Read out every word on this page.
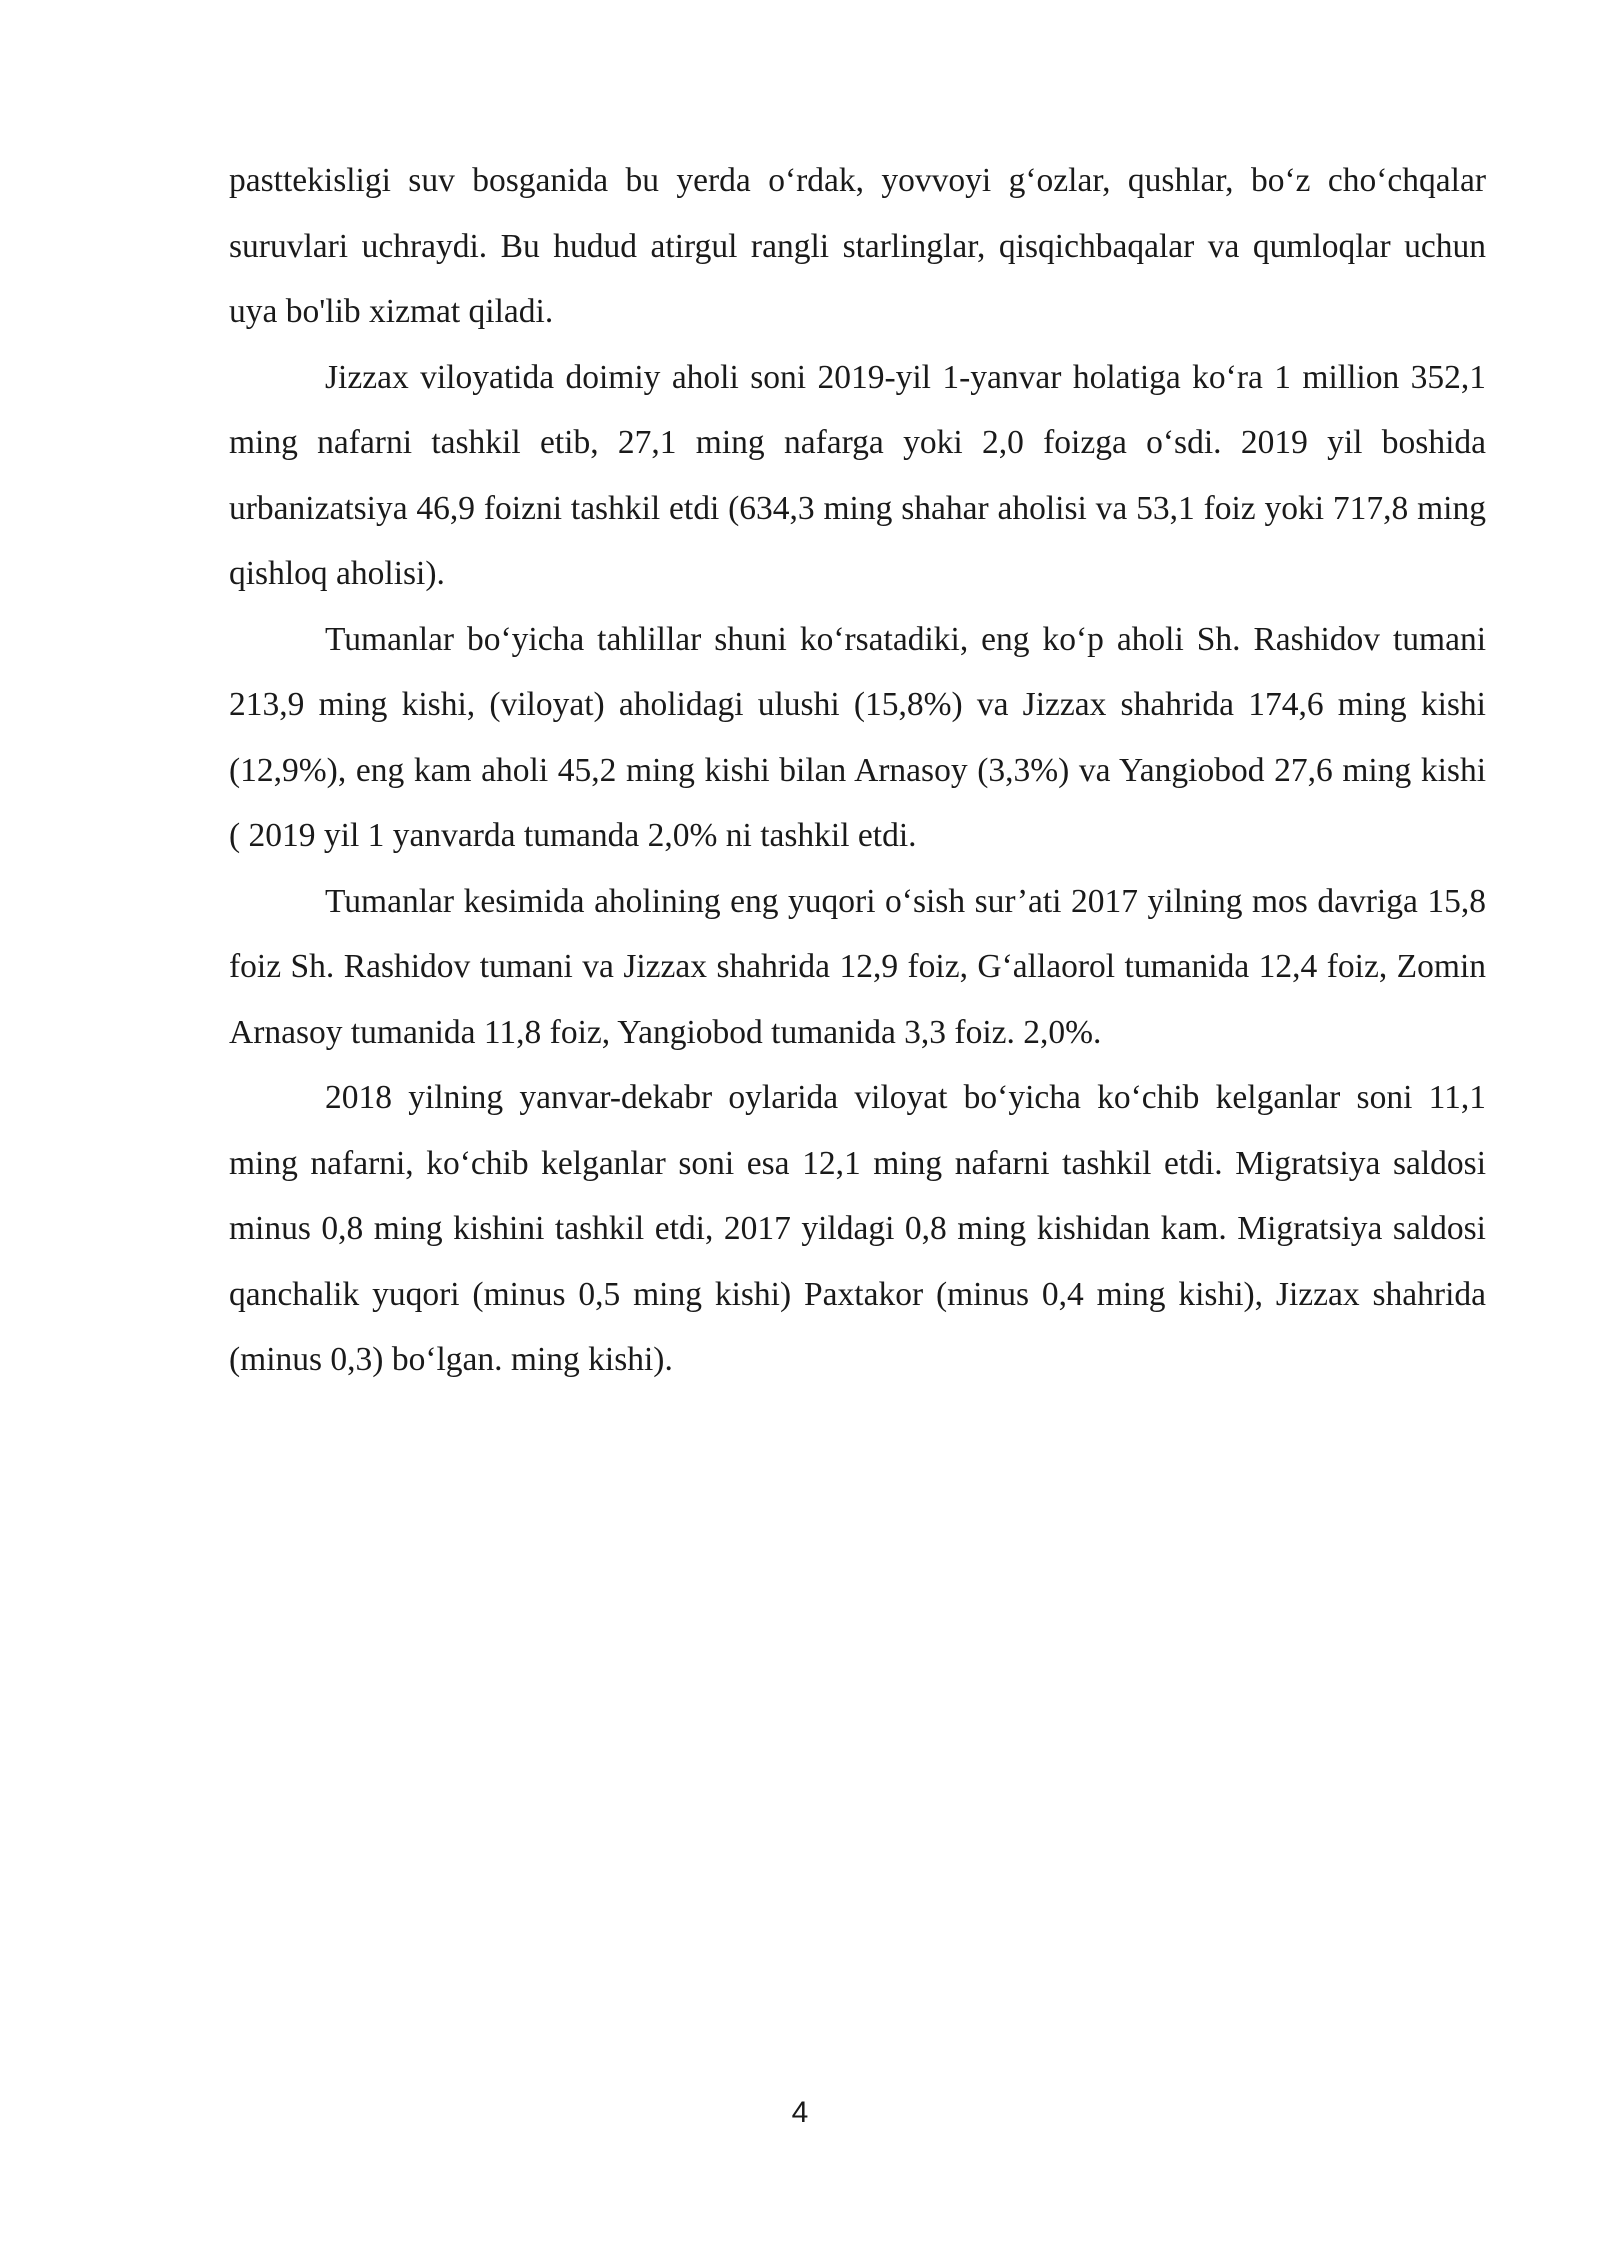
pasttekisligi suv bosganida bu yerda o‘rdak, yovvoyi g‘ozlar, qushlar, bo‘z cho‘chqalar suruvlari uchraydi. Bu hudud atirgul rangli starlinglar, qisqichbaqalar va qumloqlar uchun uya bo'lib xizmat qiladi.

Jizzax viloyatida doimiy aholi soni 2019-yil 1-yanvar holatiga ko‘ra 1 million 352,1 ming nafarni tashkil etib, 27,1 ming nafarga yoki 2,0 foizga o‘sdi. 2019 yil boshida urbanizatsiya 46,9 foizni tashkil etdi (634,3 ming shahar aholisi va 53,1 foiz yoki 717,8 ming qishloq aholisi).

Tumanlar bo‘yicha tahlillar shuni ko‘rsatadiki, eng ko‘p aholi Sh. Rashidov tumani 213,9 ming kishi, (viloyat) aholidagi ulushi (15,8%) va Jizzax shahrida 174,6 ming kishi (12,9%), eng kam aholi 45,2 ming kishi bilan Arnasoy (3,3%) va Yangiobod 27,6 ming kishi ( 2019 yil 1 yanvarda tumanda 2,0% ni tashkil etdi.

Tumanlar kesimida aholining eng yuqori o‘sish sur’ati 2017 yilning mos davriga 15,8 foiz Sh. Rashidov tumani va Jizzax shahrida 12,9 foiz, G‘allaorol tumanida 12,4 foiz, Zomin Arnasoy tumanida 11,8 foiz, Yangiobod tumanida 3,3 foiz. 2,0%.

2018 yilning yanvar-dekabr oylarida viloyat bo‘yicha ko‘chib kelganlar soni 11,1 ming nafarni, ko‘chib kelganlar soni esa 12,1 ming nafarni tashkil etdi. Migratsiya saldosi minus 0,8 ming kishini tashkil etdi, 2017 yildagi 0,8 ming kishidan kam. Migratsiya saldosi qanchalik yuqori (minus 0,5 ming kishi) Paxtakor (minus 0,4 ming kishi), Jizzax shahrida (minus 0,3) bo‘lgan. ming kishi).

4
